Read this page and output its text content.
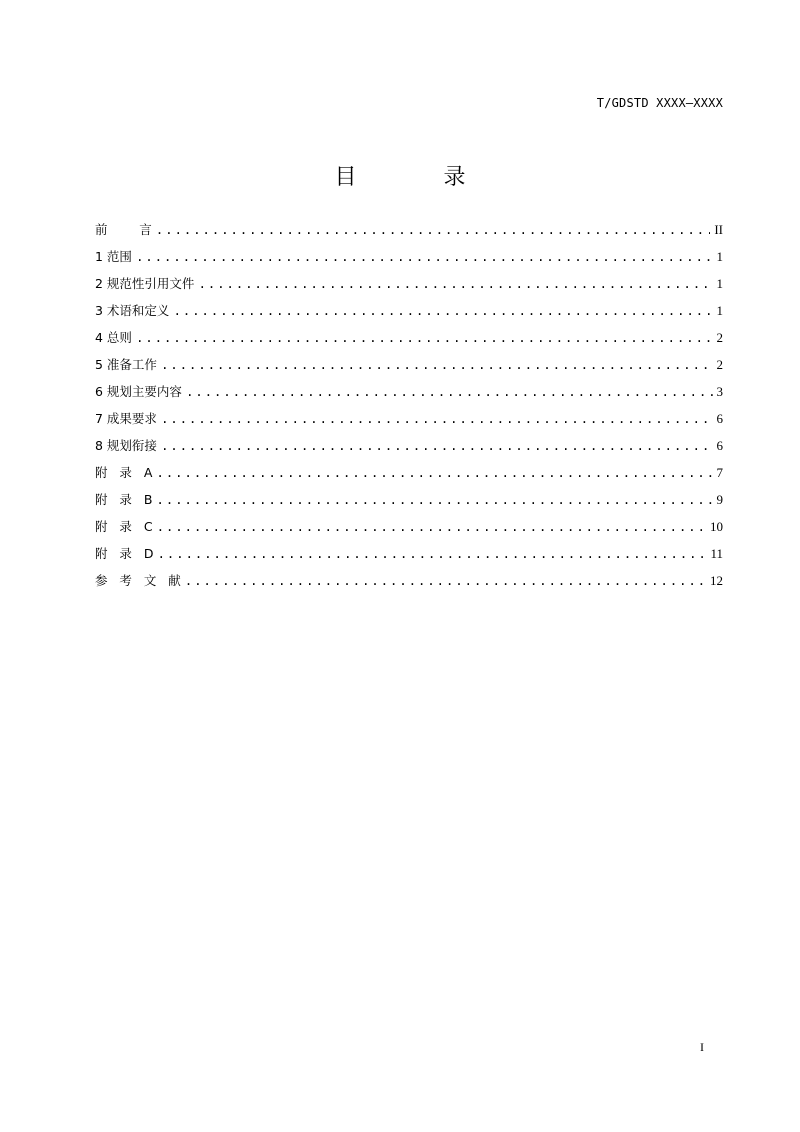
T/GDSTD XXXX—XXXX
目 录
前        言 .....	II
1 范围 .....	1
2 规范性引用文件 .....	1
3 术语和定义 .....	1
4 总则 .....	2
5 准备工作 .....	2
6 规划主要内容 .....	3
7 成果要求 .....	6
8 规划衔接 .....	6
附   录   A .....	7
附   录   B .....	9
附   录   C .....	10
附   录   D .....	11
参   考   文   献 .....	12
I
